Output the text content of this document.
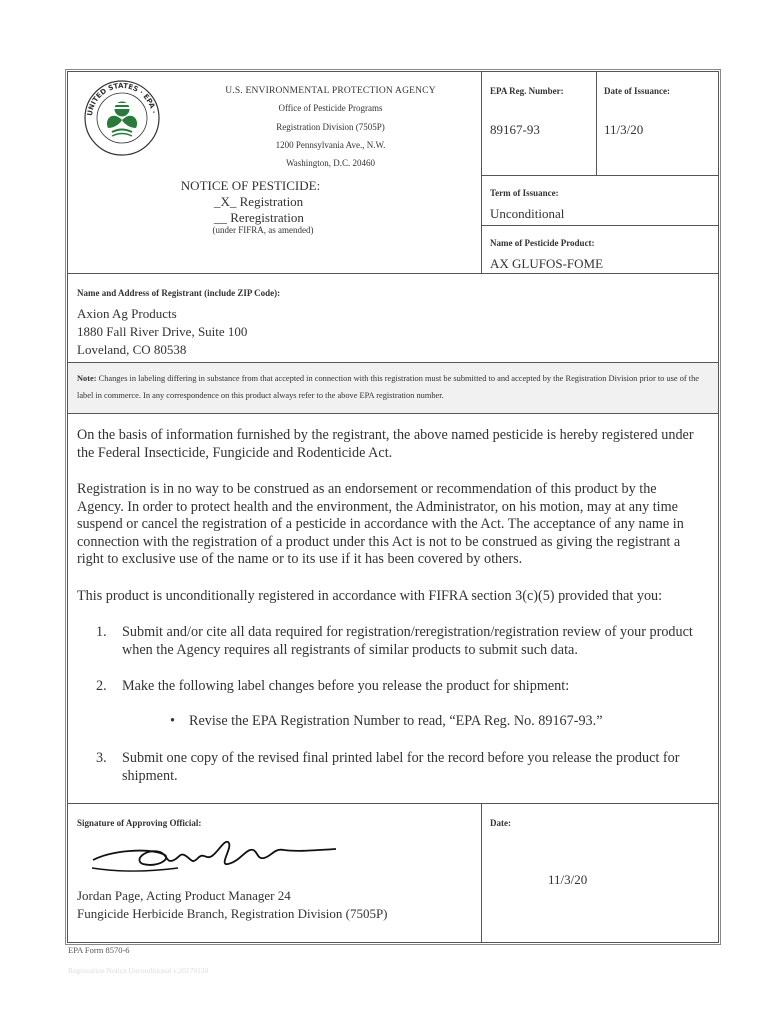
UNITED STATES · EPA ·
U.S. ENVIRONMENTAL PROTECTION AGENCY
Office of Pesticide Programs
Registration Division (7505P)
1200 Pennsylvania Ave., N.W.
Washington, D.C. 20460
NOTICE OF PESTICIDE:
_X_ Registration
__ Reregistration
(under FIFRA, as amended)
EPA Reg. Number:
89167-93
Date of Issuance:
11/3/20
Term of Issuance:
Unconditional
Name of Pesticide Product:
AX GLUFOS-FOME
Name and Address of Registrant (include ZIP Code):
Axion Ag Products
1880 Fall River Drive, Suite 100
Loveland, CO 80538
Note: Changes in labeling differing in substance from that accepted in connection with this registration must be submitted to and accepted by the Registration Division prior to use of the label in commerce. In any correspondence on this product always refer to the above EPA registration number.
On the basis of information furnished by the registrant, the above named pesticide is hereby registered under the Federal Insecticide, Fungicide and Rodenticide Act.
Registration is in no way to be construed as an endorsement or recommendation of this product by the Agency. In order to protect health and the environment, the Administrator, on his motion, may at any time suspend or cancel the registration of a pesticide in accordance with the Act. The acceptance of any name in connection with the registration of a product under this Act is not to be construed as giving the registrant a right to exclusive use of the name or to its use if it has been covered by others.
This product is unconditionally registered in accordance with FIFRA section 3(c)(5) provided that you:
1. Submit and/or cite all data required for registration/reregistration/registration review of your product when the Agency requires all registrants of similar products to submit such data.
2. Make the following label changes before you release the product for shipment:
• Revise the EPA Registration Number to read, “EPA Reg. No. 89167-93.”
3. Submit one copy of the revised final printed label for the record before you release the product for shipment.
Signature of Approving Official:
Jordan Page, Acting Product Manager 24
Fungicide Herbicide Branch, Registration Division (7505P)
Date:
11/3/20
EPA Form 8570-6
Registration Notice Unconditional v.20170120
